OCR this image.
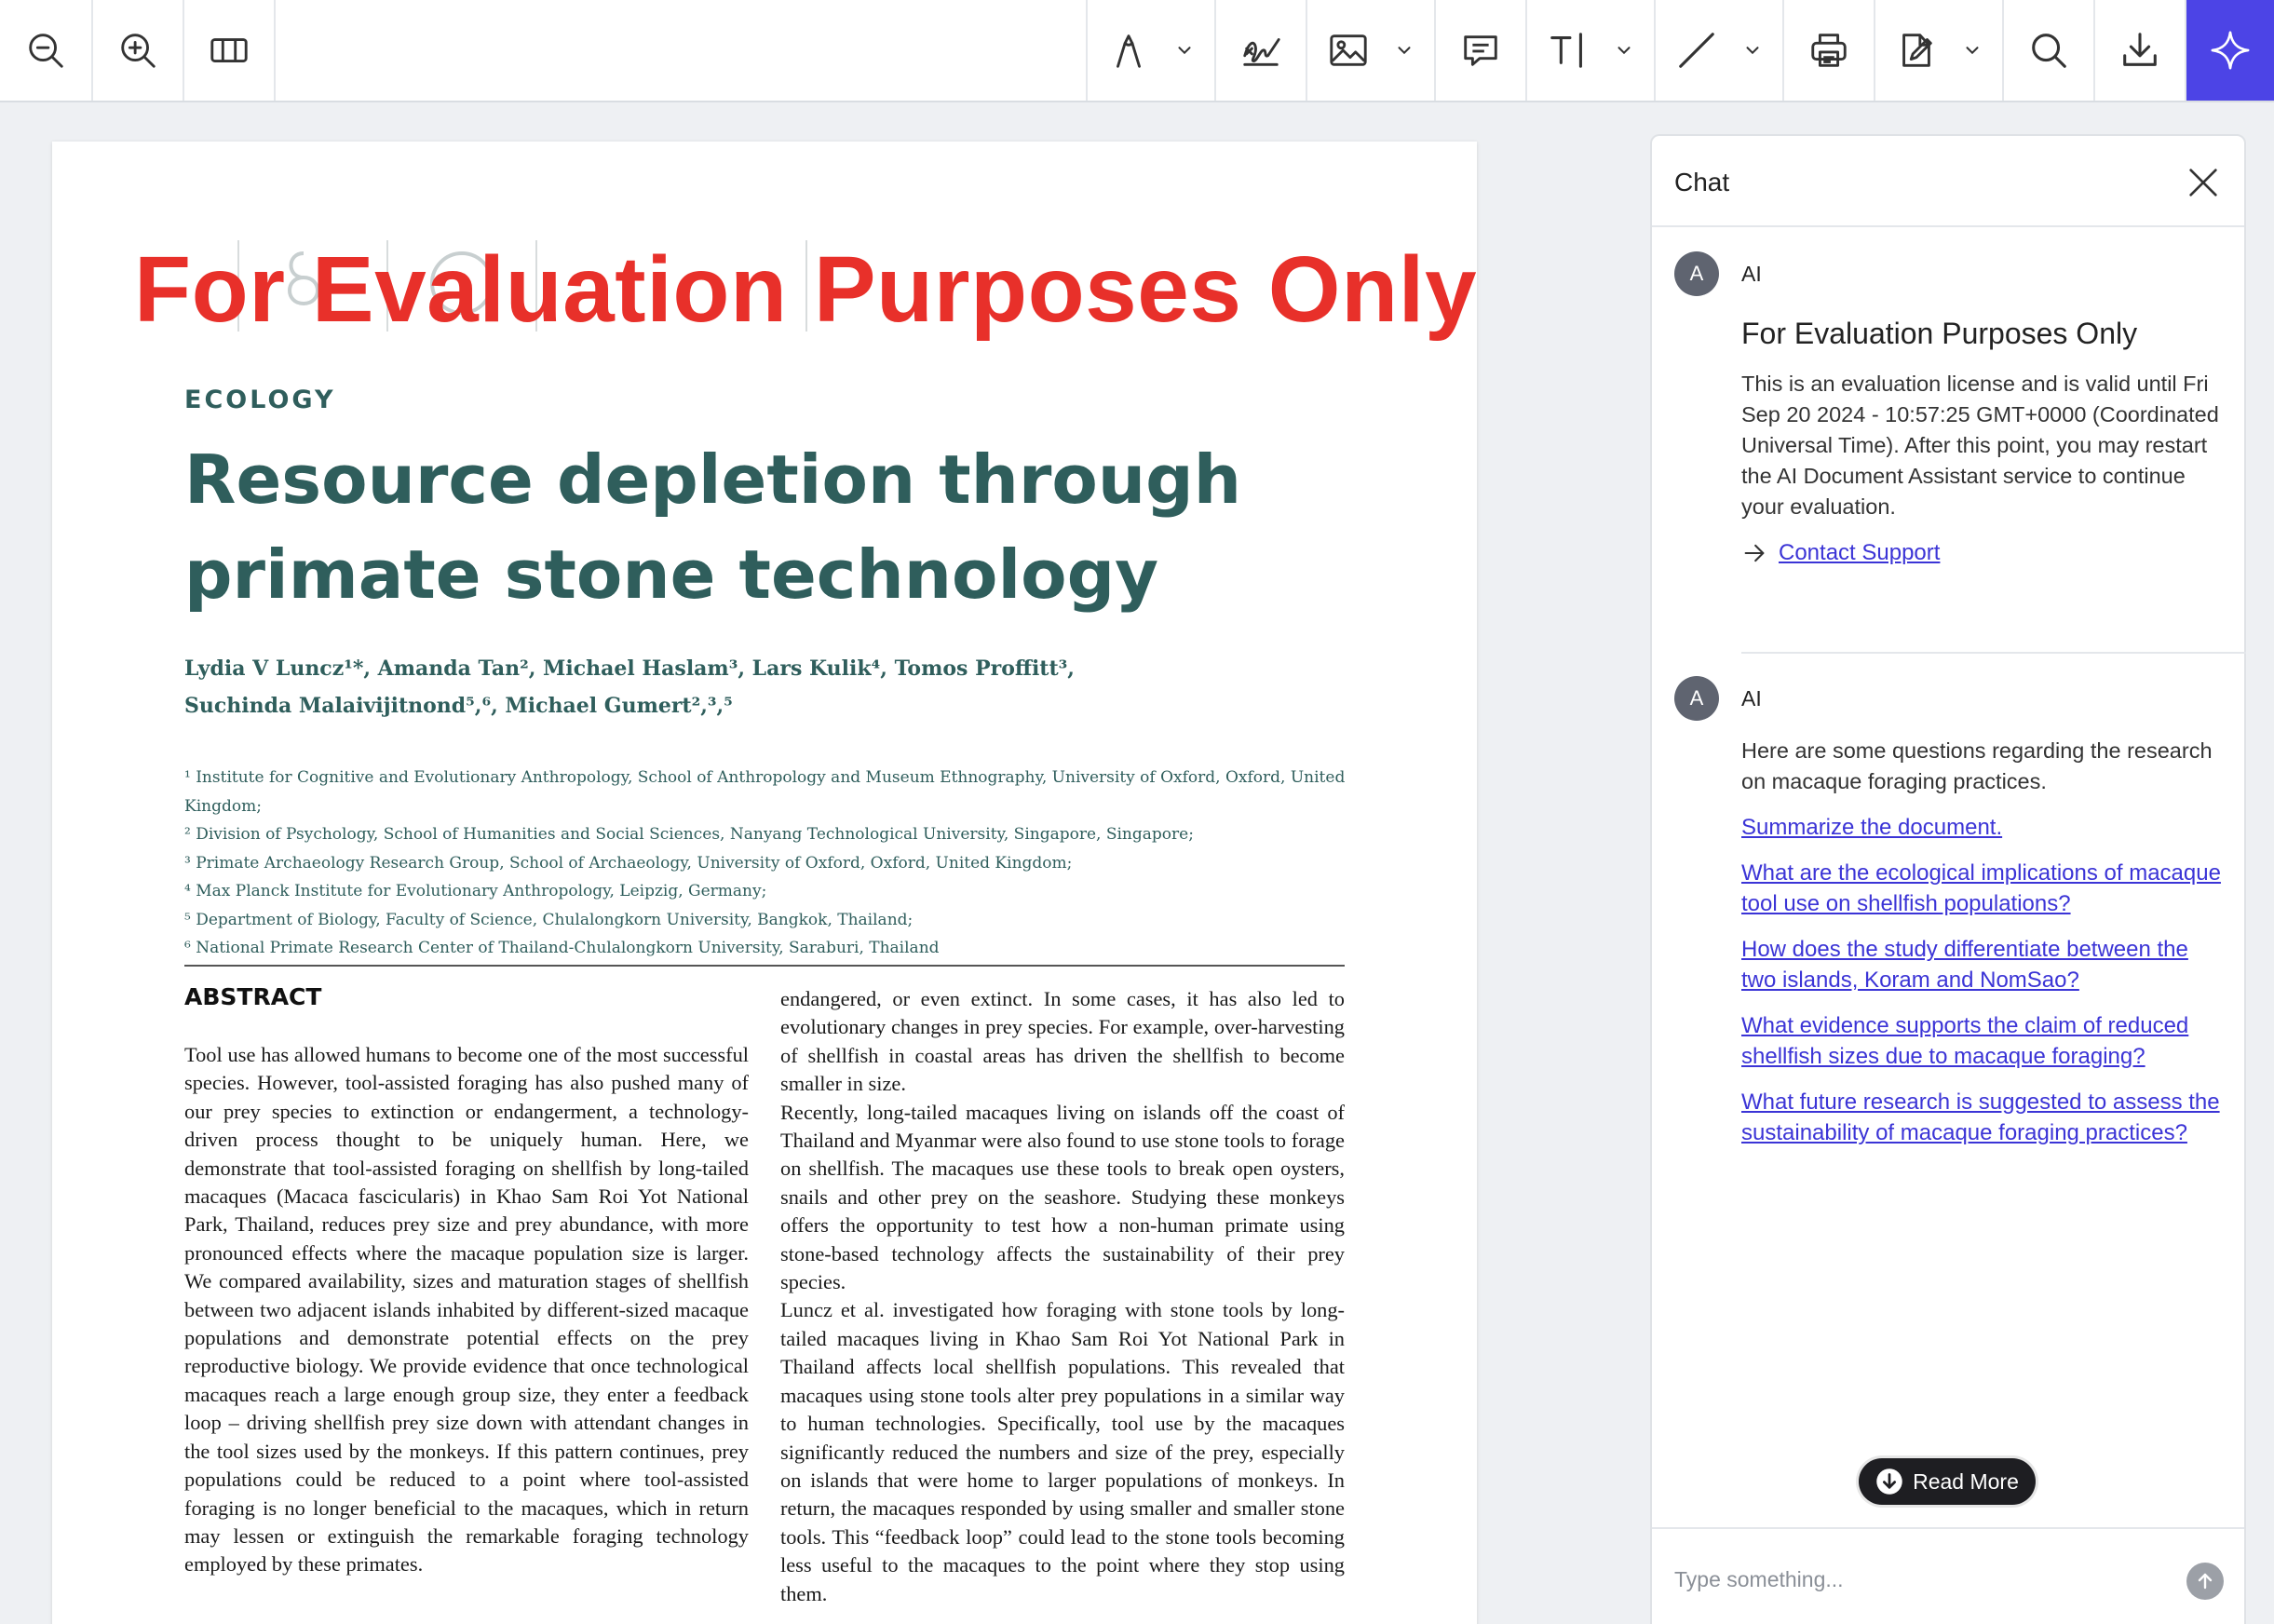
For Evaluation Purposes Only
ECOLOGY
Resource depletion through
primate stone technology
Lydia V Luncz¹*, Amanda Tan², Michael Haslam³, Lars Kulik⁴, Tomos Proffitt³,
Suchinda Malaivijitnond⁵,⁶, Michael Gumert²,³,⁵
¹ Institute for Cognitive and Evolutionary Anthropology, School of Anthropology and Museum Ethnography, University of Oxford, Oxford, United Kingdom;
² Division of Psychology, School of Humanities and Social Sciences, Nanyang Technological University, Singapore, Singapore;
³ Primate Archaeology Research Group, School of Archaeology, University of Oxford, Oxford, United Kingdom;
⁴ Max Planck Institute for Evolutionary Anthropology, Leipzig, Germany;
⁵ Department of Biology, Faculty of Science, Chulalongkorn University, Bangkok, Thailand;
⁶ National Primate Research Center of Thailand-Chulalongkorn University, Saraburi, Thailand
ABSTRACT
Tool use has allowed humans to become one of the most successful species. However, tool-assisted foraging has also pushed many of our prey species to extinction or endangerment, a technology-driven process thought to be uniquely human. Here, we demonstrate that tool-assisted foraging on shellfish by long-tailed macaques (Macaca fascicularis) in Khao Sam Roi Yot National Park, Thailand, reduces prey size and prey abundance, with more pronounced effects where the macaque population size is larger. We compared availability, sizes and maturation stages of shellfish between two adjacent islands inhabited by different-sized macaque populations and demonstrate potential effects on the prey reproductive biology. We provide evidence that once technological macaques reach a large enough group size, they enter a feedback loop – driving shellfish prey size down with attendant changes in the tool sizes used by the monkeys. If this pattern continues, prey populations could be reduced to a point where tool-assisted foraging is no longer beneficial to the macaques, which in return may lessen or extinguish the remarkable foraging technology employed by these primates.
endangered, or even extinct. In some cases, it has also led to evolutionary changes in prey species. For example, over-harvesting of shellfish in coastal areas has driven the shellfish to become smaller in size.
Recently, long-tailed macaques living on islands off the coast of Thailand and Myanmar were also found to use stone tools to forage on shellfish. The macaques use these tools to break open oysters, snails and other prey on the seashore. Studying these monkeys offers the opportunity to test how a non-human primate using stone-based technology affects the sustainability of their prey species.
Luncz et al. investigated how foraging with stone tools by long-tailed macaques living in Khao Sam Roi Yot National Park in Thailand affects local shellfish populations. This revealed that macaques using stone tools alter prey populations in a similar way to human technologies. Specifically, tool use by the macaques significantly reduced the numbers and size of the prey, especially on islands that were home to larger populations of monkeys. In return, the macaques responded by using smaller and smaller stone tools. This “feedback loop” could lead to the stone tools becoming less useful to the macaques to the point where they stop using them.
Chat
A	AI
For Evaluation Purposes Only
This is an evaluation license and is valid until Fri Sep 20 2024 - 10:57:25 GMT+0000 (Coordinated Universal Time). After this point, you may restart the AI Document Assistant service to continue your evaluation.
Contact Support
A	AI
Here are some questions regarding the research on macaque foraging practices.
Summarize the document.
What are the ecological implications of macaque tool use on shellfish populations?
How does the study differentiate between the two islands, Koram and NomSao?
What evidence supports the claim of reduced shellfish sizes due to macaque foraging?
What future research is suggested to assess the sustainability of macaque foraging practices?
Read More
Type something...
